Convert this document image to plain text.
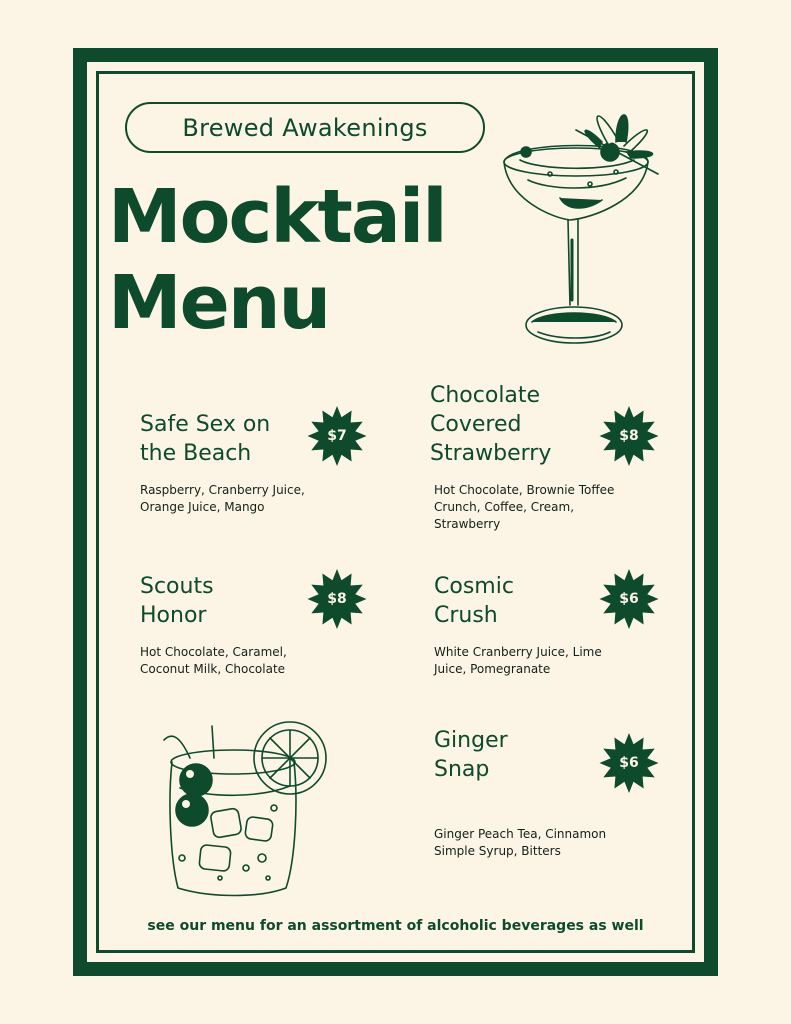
Brewed Awakenings
Mocktail
Menu
Safe Sex on
the Beach
$7
Raspberry, Cranberry Juice,
Orange Juice, Mango
Chocolate
Covered
Strawberry
$8
Hot Chocolate, Brownie Toffee
Crunch, Coffee, Cream,
Strawberry
Scouts
Honor
$8
Hot Chocolate, Caramel,
Coconut Milk, Chocolate
Cosmic
Crush
$6
White Cranberry Juice, Lime
Juice, Pomegranate
Ginger
Snap	$6
Ginger Peach Tea, Cinnamon
Simple Syrup, Bitters
see our menu for an assortment of alcoholic beverages as well
